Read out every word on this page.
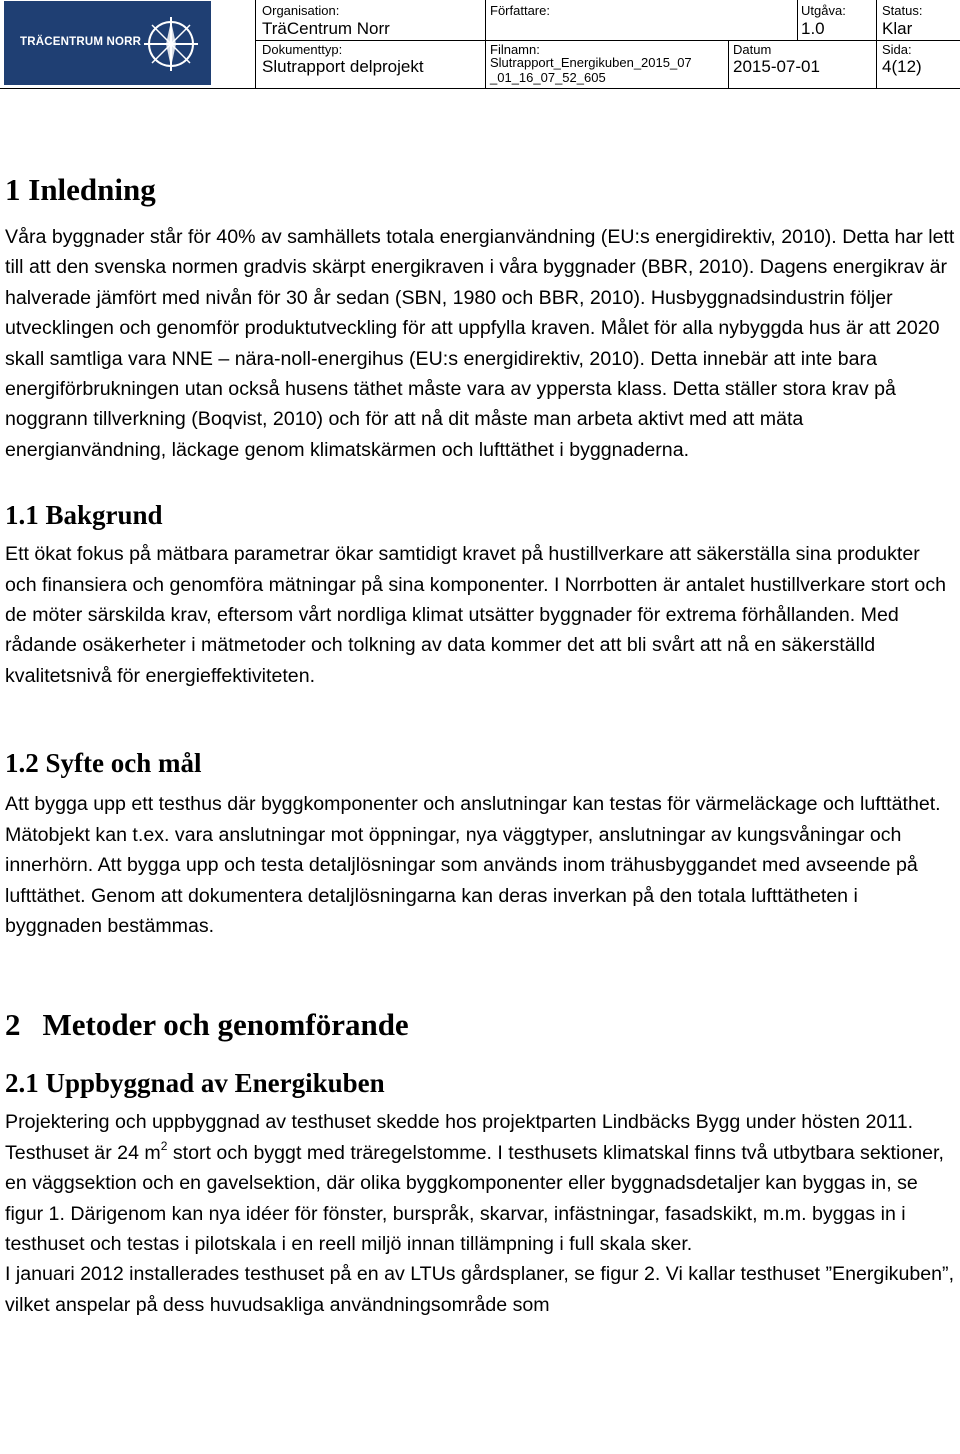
TRÄCENTRUM NORR
Organisation:
TräCentrum Norr
Författare:	Utgåva:
1.0
Status:
Klar
Dokumenttyp:
Slutrapport delprojekt
Filnamn:
Slutrapport_Energikuben_2015_07
_01_16_07_52_605
Datum
2015-07-01
Sida:
4(12)
1 Inledning

Våra byggnader står för 40% av samhällets totala energianvändning (EU:s energidirektiv, 2010). Detta har lett till att den svenska normen gradvis skärpt energikraven i våra byggnader (BBR, 2010). Dagens energikrav är halverade jämfört med nivån för 30 år sedan (SBN, 1980 och BBR, 2010). Husbyggnadsindustrin följer utvecklingen och genomför produktutveckling för att uppfylla kraven. Målet för alla nybyggda hus är att 2020 skall samtliga vara NNE – nära-noll-energihus (EU:s energidirektiv, 2010). Detta innebär att inte bara energiförbrukningen utan också husens täthet måste vara av yppersta klass. Detta ställer stora krav på noggrann tillverkning (Boqvist, 2010) och för att nå dit måste man arbeta aktivt med att mäta energianvändning, läckage genom klimatskärmen och lufttäthet i byggnaderna.

1.1 Bakgrund

Ett ökat fokus på mätbara parametrar ökar samtidigt kravet på hustillverkare att säkerställa sina produkter och finansiera och genomföra mätningar på sina komponenter. I Norrbotten är antalet hustillverkare stort och de möter särskilda krav, eftersom vårt nordliga klimat utsätter byggnader för extrema förhållanden. Med rådande osäkerheter i mätmetoder och tolkning av data kommer det att bli svårt att nå en säkerställd kvalitetsnivå för energieffektiviteten.

1.2 Syfte och mål

Att bygga upp ett testhus där byggkomponenter och anslutningar kan testas för värmeläckage och lufttäthet. Mätobjekt kan t.ex. vara anslutningar mot öppningar, nya väggtyper, anslutningar av kungsvåningar och innerhörn. Att bygga upp och testa detaljlösningar som används inom trähusbyggandet med avseende på lufttäthet. Genom att dokumentera detaljlösningarna kan deras inverkan på den totala lufttätheten i byggnaden bestämmas.

2 Metoder och genomförande
2.1 Uppbyggnad av Energikuben

Projektering och uppbyggnad av testhuset skedde hos projektparten Lindbäcks Bygg under hösten 2011. Testhuset är 24 $m^2$ stort och byggt med träregelstomme. I testhusets klimatskal finns två utbytbara sektioner, en väggsektion och en gavelsektion, där olika byggkomponenter eller byggnadsdetaljer kan byggas in, se figur 1. Därigenom kan nya idéer för fönster, burspråk, skarvar, infästningar, fasadskikt, m.m. byggas in i testhuset och testas i pilotskala i en reell miljö innan tillämpning i full skala sker.

I januari 2012 installerades testhuset på en av LTUs gårdsplaner, se figur 2. Vi kallar testhuset ”Energikuben”, vilket anspelar på dess huvudsakliga användningsområde som
